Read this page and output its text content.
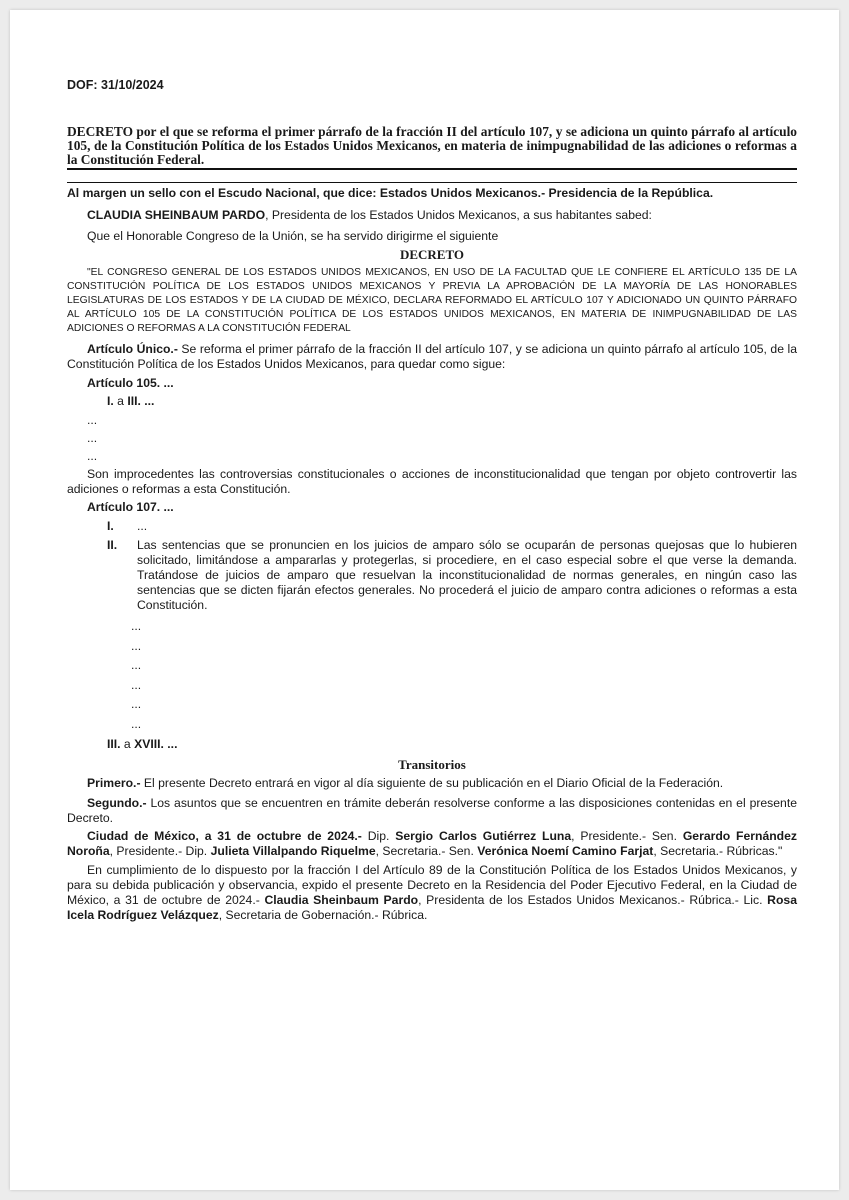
DOF: 31/10/2024

DECRETO por el que se reforma el primer párrafo de la fracción II del artículo 107, y se adiciona un quinto párrafo al artículo 105, de la Constitución Política de los Estados Unidos Mexicanos, en materia de inimpugnabilidad de las adiciones o reformas a la Constitución Federal.

Al margen un sello con el Escudo Nacional, que dice: Estados Unidos Mexicanos.- Presidencia de la República.

CLAUDIA SHEINBAUM PARDO, Presidenta de los Estados Unidos Mexicanos, a sus habitantes sabed:

Que el Honorable Congreso de la Unión, se ha servido dirigirme el siguiente

DECRETO

"EL CONGRESO GENERAL DE LOS ESTADOS UNIDOS MEXICANOS, EN USO DE LA FACULTAD QUE LE CONFIERE EL ARTÍCULO 135 DE LA CONSTITUCIÓN POLÍTICA DE LOS ESTADOS UNIDOS MEXICANOS Y PREVIA LA APROBACIÓN DE LA MAYORÍA DE LAS HONORABLES LEGISLATURAS DE LOS ESTADOS Y DE LA CIUDAD DE MÉXICO, DECLARA REFORMADO EL ARTÍCULO 107 Y ADICIONADO UN QUINTO PÁRRAFO AL ARTÍCULO 105 DE LA CONSTITUCIÓN POLÍTICA DE LOS ESTADOS UNIDOS MEXICANOS, EN MATERIA DE INIMPUGNABILIDAD DE LAS ADICIONES O REFORMAS A LA CONSTITUCIÓN FEDERAL

Artículo Único.- Se reforma el primer párrafo de la fracción II del artículo 107, y se adiciona un quinto párrafo al artículo 105, de la Constitución Política de los Estados Unidos Mexicanos, para quedar como sigue:

Artículo 105. ...

I. a III. ...

...

...

...

Son improcedentes las controversias constitucionales o acciones de inconstitucionalidad que tengan por objeto controvertir las adiciones o reformas a esta Constitución.

Artículo 107. ...

I.	...
II.	Las sentencias que se pronuncien en los juicios de amparo sólo se ocuparán de personas quejosas que lo hubieren solicitado, limitándose a ampararlas y protegerlas, si procediere, en el caso especial sobre el que verse la demanda. Tratándose de juicios de amparo que resuelvan la inconstitucionalidad de normas generales, en ningún caso las sentencias que se dicten fijarán efectos generales. No procederá el juicio de amparo contra adiciones o reformas a esta Constitución.

...

...

...

...

...

...

III. a XVIII. ...

Transitorios

Primero.- El presente Decreto entrará en vigor al día siguiente de su publicación en el Diario Oficial de la Federación.

Segundo.- Los asuntos que se encuentren en trámite deberán resolverse conforme a las disposiciones contenidas en el presente Decreto.

Ciudad de México, a 31 de octubre de 2024.- Dip. Sergio Carlos Gutiérrez Luna, Presidente.- Sen. Gerardo Fernández Noroña, Presidente.- Dip. Julieta Villalpando Riquelme, Secretaria.- Sen. Verónica Noemí Camino Farjat, Secretaria.- Rúbricas."

En cumplimiento de lo dispuesto por la fracción I del Artículo 89 de la Constitución Política de los Estados Unidos Mexicanos, y para su debida publicación y observancia, expido el presente Decreto en la Residencia del Poder Ejecutivo Federal, en la Ciudad de México, a 31 de octubre de 2024.- Claudia Sheinbaum Pardo, Presidenta de los Estados Unidos Mexicanos.- Rúbrica.- Lic. Rosa Icela Rodríguez Velázquez, Secretaria de Gobernación.- Rúbrica.
